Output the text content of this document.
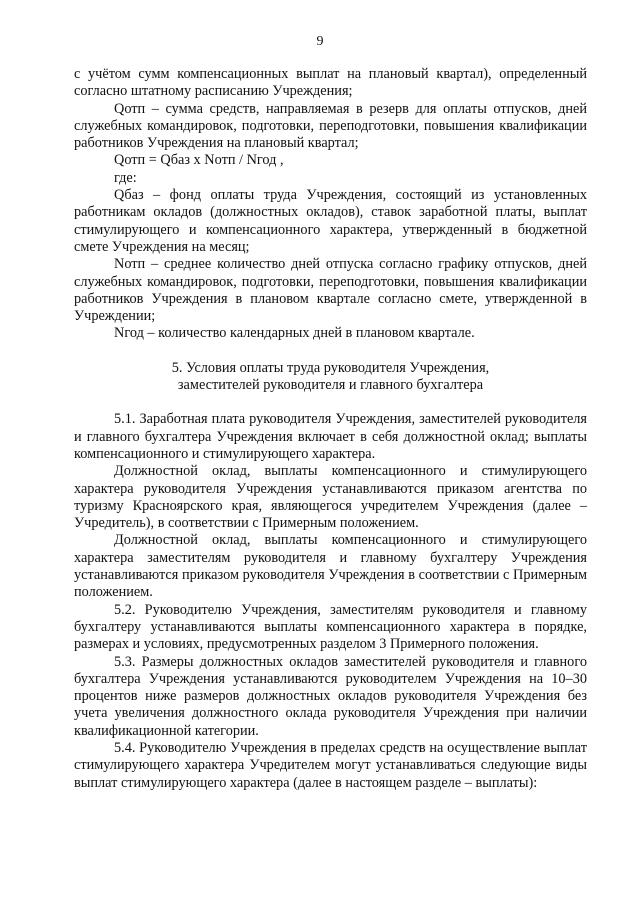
9

с учётом сумм компенсационных выплат на плановый квартал), определенный согласно штатному расписанию Учреждения;

Qотп – сумма средств, направляемая в резерв для оплаты отпусков, дней служебных командировок, подготовки, переподготовки, повышения квалификации работников Учреждения на плановый квартал;

Qотп = Qбаз x Nотп / Nгод ,

где:

Qбаз – фонд оплаты труда Учреждения, состоящий из установленных работникам окладов (должностных окладов), ставок заработной платы, выплат стимулирующего и компенсационного характера, утвержденный в бюджетной смете Учреждения на месяц;

Nотп – среднее количество дней отпуска согласно графику отпусков, дней служебных командировок, подготовки, переподготовки, повышения квалификации работников Учреждения в плановом квартале согласно смете, утвержденной в Учреждении;

Nгод – количество календарных дней в плановом квартале.

5. Условия оплаты труда руководителя Учреждения,
заместителей руководителя и главного бухгалтера

5.1. Заработная плата руководителя Учреждения, заместителей руководителя и главного бухгалтера Учреждения включает в себя должностной оклад; выплаты компенсационного и стимулирующего характера.

Должностной оклад, выплаты компенсационного и стимулирующего характера руководителя Учреждения устанавливаются приказом агентства по туризму Красноярского края, являющегося учредителем Учреждения (далее – Учредитель), в соответствии с Примерным положением.

Должностной оклад, выплаты компенсационного и стимулирующего характера заместителям руководителя и главному бухгалтеру Учреждения устанавливаются приказом руководителя Учреждения в соответствии с Примерным положением.

5.2. Руководителю Учреждения, заместителям руководителя и главному бухгалтеру устанавливаются выплаты компенсационного характера в порядке, размерах и условиях, предусмотренных разделом 3 Примерного положения.

5.3. Размеры должностных окладов заместителей руководителя и главного бухгалтера Учреждения устанавливаются руководителем Учреждения на 10–30 процентов ниже размеров должностных окладов руководителя Учреждения без учета увеличения должностного оклада руководителя Учреждения при наличии квалификационной категории.

5.4. Руководителю Учреждения в пределах средств на осуществление выплат стимулирующего характера Учредителем могут устанавливаться следующие виды выплат стимулирующего характера (далее в настоящем разделе – выплаты):
